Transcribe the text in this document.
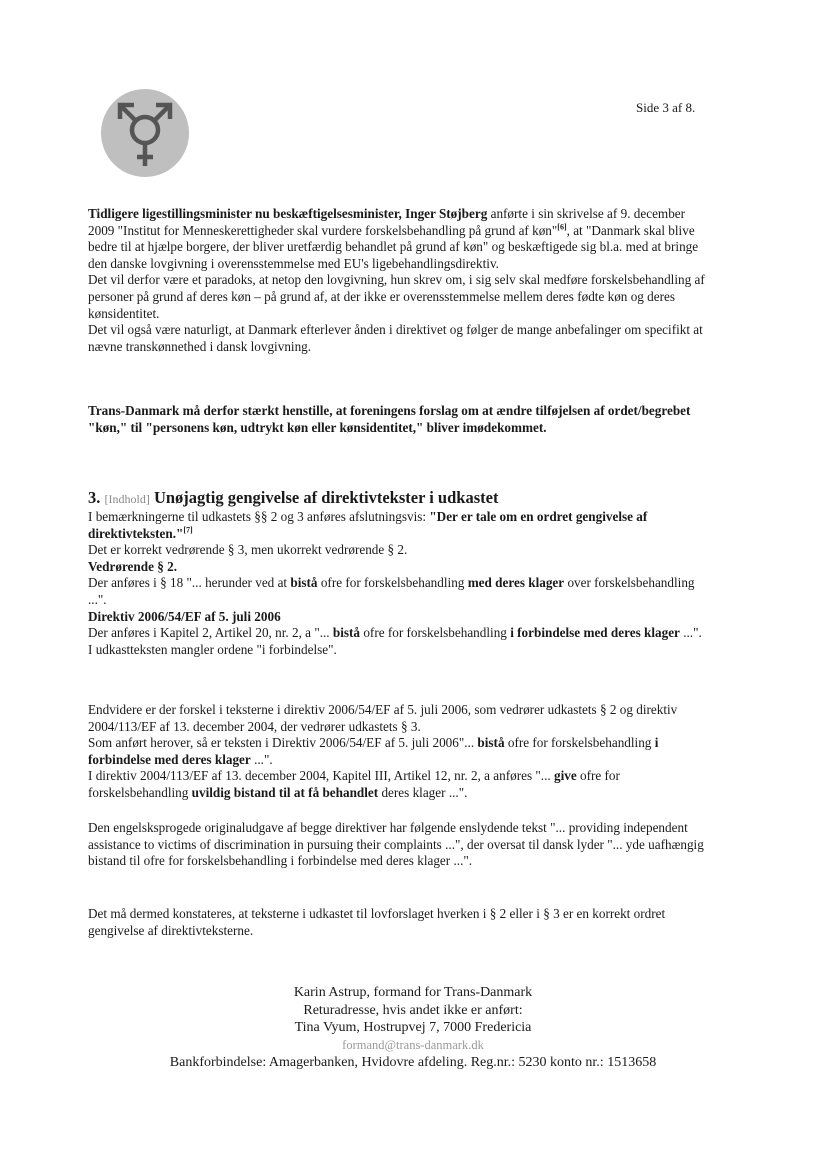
Side 3 af 8.

Tidligere ligestillingsminister nu beskæftigelsesminister, Inger Støjberg anførte i sin skrivelse af 9. december 2009 "Institut for Menneskerettigheder skal vurdere forskelsbehandling på grund af køn"[6], at "Danmark skal blive bedre til at hjælpe borgere, der bliver uretfærdig behandlet på grund af køn" og beskæftigede sig bl.a. med at bringe den danske lovgivning i overensstemmelse med EU's ligebehandlingsdirektiv.

Det vil derfor være et paradoks, at netop den lovgivning, hun skrev om, i sig selv skal medføre forskelsbehandling af personer på grund af deres køn – på grund af, at der ikke er overensstemmelse mellem deres fødte køn og deres kønsidentitet.

Det vil også være naturligt, at Danmark efterlever ånden i direktivet og følger de mange anbefalinger om specifikt at nævne transkønnethed i dansk lovgivning.

Trans-Danmark må derfor stærkt henstille, at foreningens forslag om at ændre tilføjelsen af ordet/begrebet "køn," til "personens køn, udtrykt køn eller kønsidentitet," bliver imødekommet.

3. [Indhold] Unøjagtig gengivelse af direktivtekster i udkastet

I bemærkningerne til udkastets §§ 2 og 3 anføres afslutningsvis: "Der er tale om en ordret gengivelse af direktivteksten."[7]

Det er korrekt vedrørende § 3, men ukorrekt vedrørende § 2.

Vedrørende § 2.

Der anføres i § 18 "... herunder ved at bistå ofre for forskelsbehandling med deres klager over forskelsbehandling ...".

Direktiv 2006/54/EF af 5. juli 2006

Der anføres i Kapitel 2, Artikel 20, nr. 2, a "... bistå ofre for forskelsbehandling i forbindelse med deres klager ...".

I udkastteksten mangler ordene "i forbindelse".

Endvidere er der forskel i teksterne i direktiv 2006/54/EF af 5. juli 2006, som vedrører udkastets § 2 og direktiv 2004/113/EF af 13. december 2004, der vedrører udkastets § 3.

Som anført herover, så er teksten i Direktiv 2006/54/EF af 5. juli 2006"... bistå ofre for forskelsbehandling i forbindelse med deres klager ...".

I direktiv 2004/113/EF af 13. december 2004, Kapitel III, Artikel 12, nr. 2, a anføres "... give ofre for forskelsbehandling uvildig bistand til at få behandlet deres klager ...".

Den engelsksprogede originaludgave af begge direktiver har følgende enslydende tekst "... providing independent assistance to victims of discrimination in pursuing their complaints ...", der oversat til dansk lyder "... yde uafhængig bistand til ofre for forskelsbehandling i forbindelse med deres klager ...".

Det må dermed konstateres, at teksterne i udkastet til lovforslaget hverken i § 2 eller i § 3 er en korrekt ordret gengivelse af direktivteksterne.

Karin Astrup, formand for Trans-Danmark
Returadresse, hvis andet ikke er anført:
Tina Vyum, Hostrupvej 7, 7000 Fredericia
formand@trans-danmark.dk
Bankforbindelse: Amagerbanken, Hvidovre afdeling. Reg.nr.: 5230 konto nr.: 1513658
